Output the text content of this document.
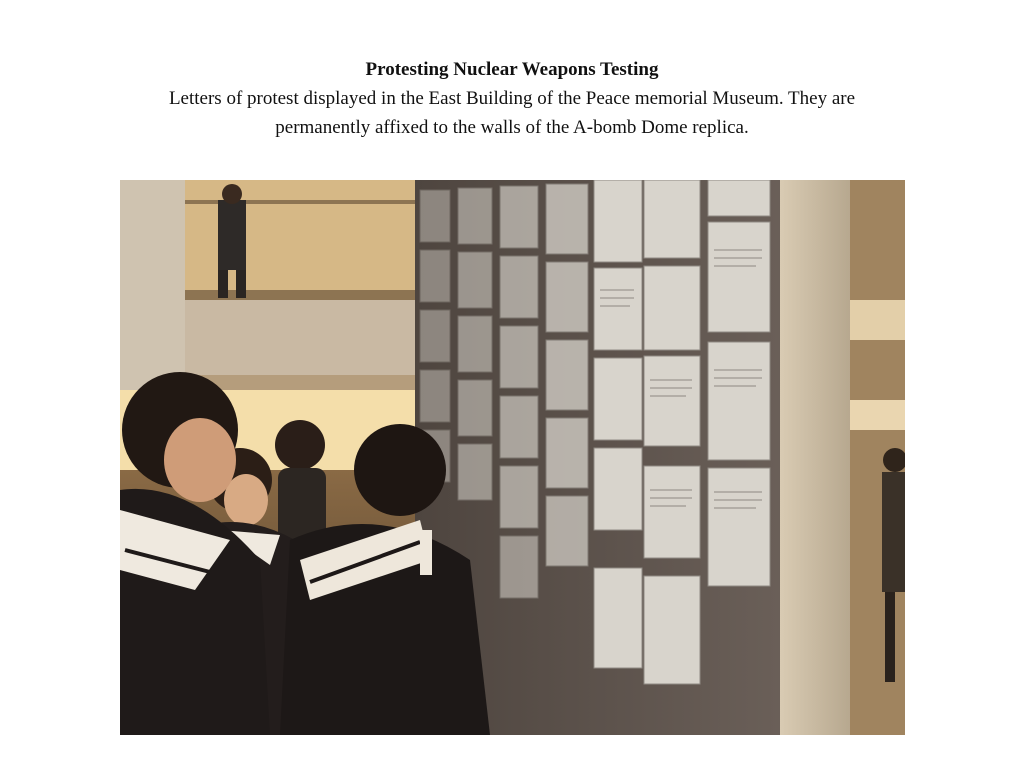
Protesting Nuclear Weapons Testing

Letters of protest displayed in the East Building of the Peace memorial Museum. They are

permanently affixed to the walls of the A-bomb Dome replica.
